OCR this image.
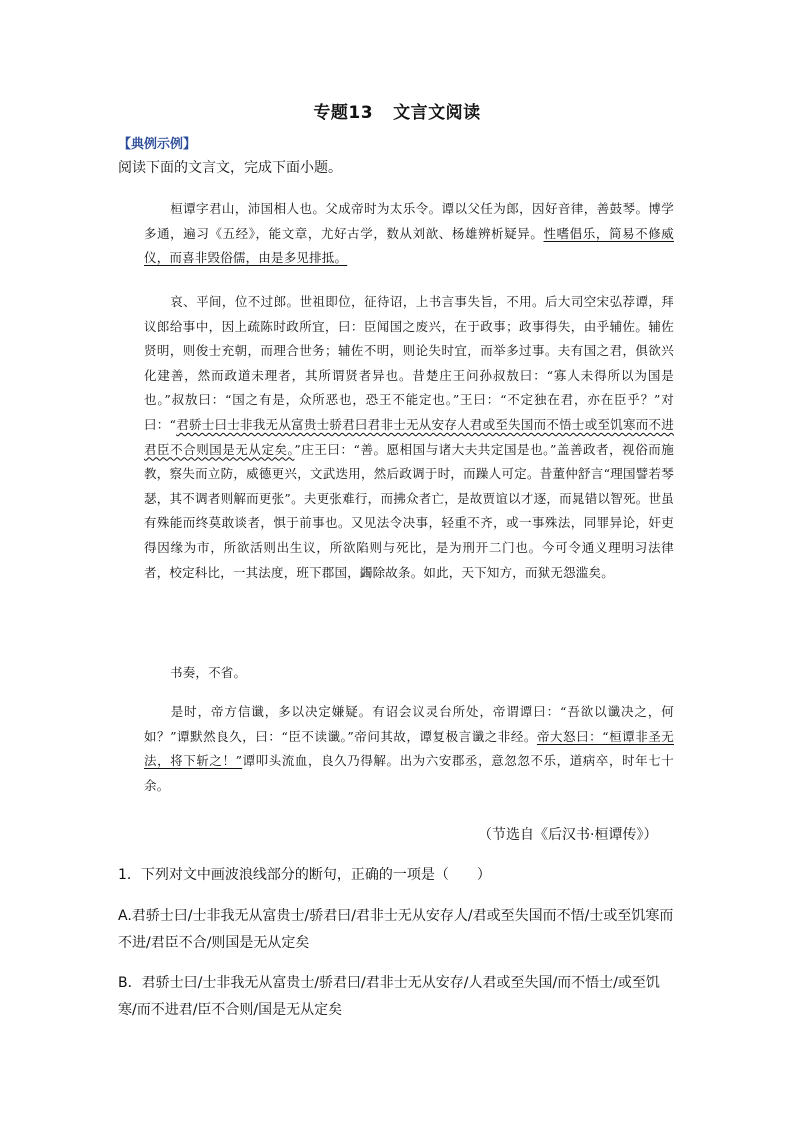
专题13 文言文阅读
【典例示例】
阅读下面的文言文，完成下面小题。
桓谭字君山，沛国相人也。父成帝时为太乐令。谭以父任为郎，因好音律，善鼓琴。博学多通，遍习《五经》，能文章，尤好古学，数从刘歆、杨雄辨析疑异。性嗜倡乐，简易不修威仪，而喜非毁俗儒，由是多见排抵。
哀、平间，位不过郎。世祖即位，征待诏，上书言事失旨，不用。后大司空宋弘荐谭，拜议郎给事中，因上疏陈时政所宜，曰：臣闻国之废兴，在于政事；政事得失，由乎辅佐。辅佐贤明，则俊士充朝，而理合世务；辅佐不明，则论失时宜，而举多过事。夫有国之君，俱欲兴化建善，然而政道未理者，其所谓贤者异也。昔楚庄王问孙叔敖曰：“寡人未得所以为国是也。”叔敖曰：“国之有是，众所恶也，恐王不能定也。”王曰：“不定独在君，亦在臣乎？”对曰：“君骄士曰士非我无从富贵士骄君曰君非士无从安存人君或至失国而不悟士或至饥寒而不进君臣不合则国是无从定矣。”庄王曰：“善。愿相国与诸大夫共定国是也。”盖善政者，视俗而施教，察失而立防，威德更兴，文武迭用，然后政调于时，而躁人可定。昔董仲舒言“理国譬若琴瑟，其不调者则解而更张”。夫更张难行，而拂众者亡，是故贾谊以才逐，而晁错以智死。世虽有殊能而终莫敢谈者，惧于前事也。又见法令决事，轻重不齐，或一事殊法，同罪异论，奸吏得因缘为市，所欲活则出生议，所欲陷则与死比，是为刑开二门也。今可令通义理明习法律者，校定科比，一其法度，班下郡国，蠲除故条。如此，天下知方，而狱无怨滥矣。
书奏，不省。
是时，帝方信谶，多以决定嫌疑。有诏会议灵台所处，帝谓谭曰：“吾欲以谶决之，何如？”谭默然良久，曰：“臣不读谶。”帝问其故，谭复极言谶之非经。帝大怒曰：“桓谭非圣无法，将下斩之！”谭叩头流血，良久乃得解。出为六安郡丞，意忽忽不乐，道病卒，时年七十余。
（节选自《后汉书·桓谭传》）
1．下列对文中画波浪线部分的断句，正确的一项是（　　）
A.君骄士曰/士非我无从富贵士/骄君曰/君非士无从安存人/君或至失国而不悟/士或至饥寒而不进/君臣不合/则国是无从定矣
B．君骄士曰/士非我无从富贵士/骄君曰/君非士无从安存/人君或至失国/而不悟士/或至饥寒/而不进君/臣不合则/国是无从定矣
